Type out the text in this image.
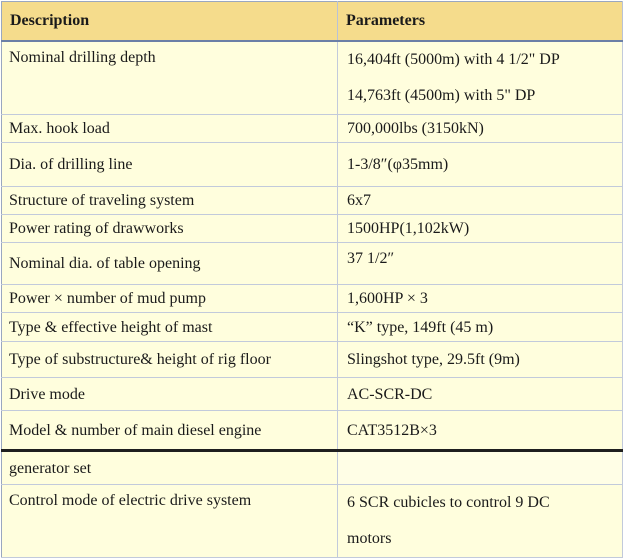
Description	Parameters
Nominal drilling depth	16,404ft (5000m) with 4 1/2" DP
14,763ft (4500m) with 5" DP

Max. hook load	700,000lbs (3150kN)
Dia. of drilling line	1-3/8″(φ35mm)
Structure of traveling system	6x7
Power rating of drawworks	1500HP(1,102kW)
Nominal dia. of table opening	37 1/2″
Power × number of mud pump	1,600HP × 3
Type & effective height of mast	“K” type, 149ft (45 m)
Type of substructure& height of rig floor	Slingshot type, 29.5ft (9m)
Drive mode	AC-SCR-DC
Model & number of main diesel engine	CAT3512B×3
generator set	
Control mode of electric drive system	6 SCR cubicles to control 9 DC
motors
